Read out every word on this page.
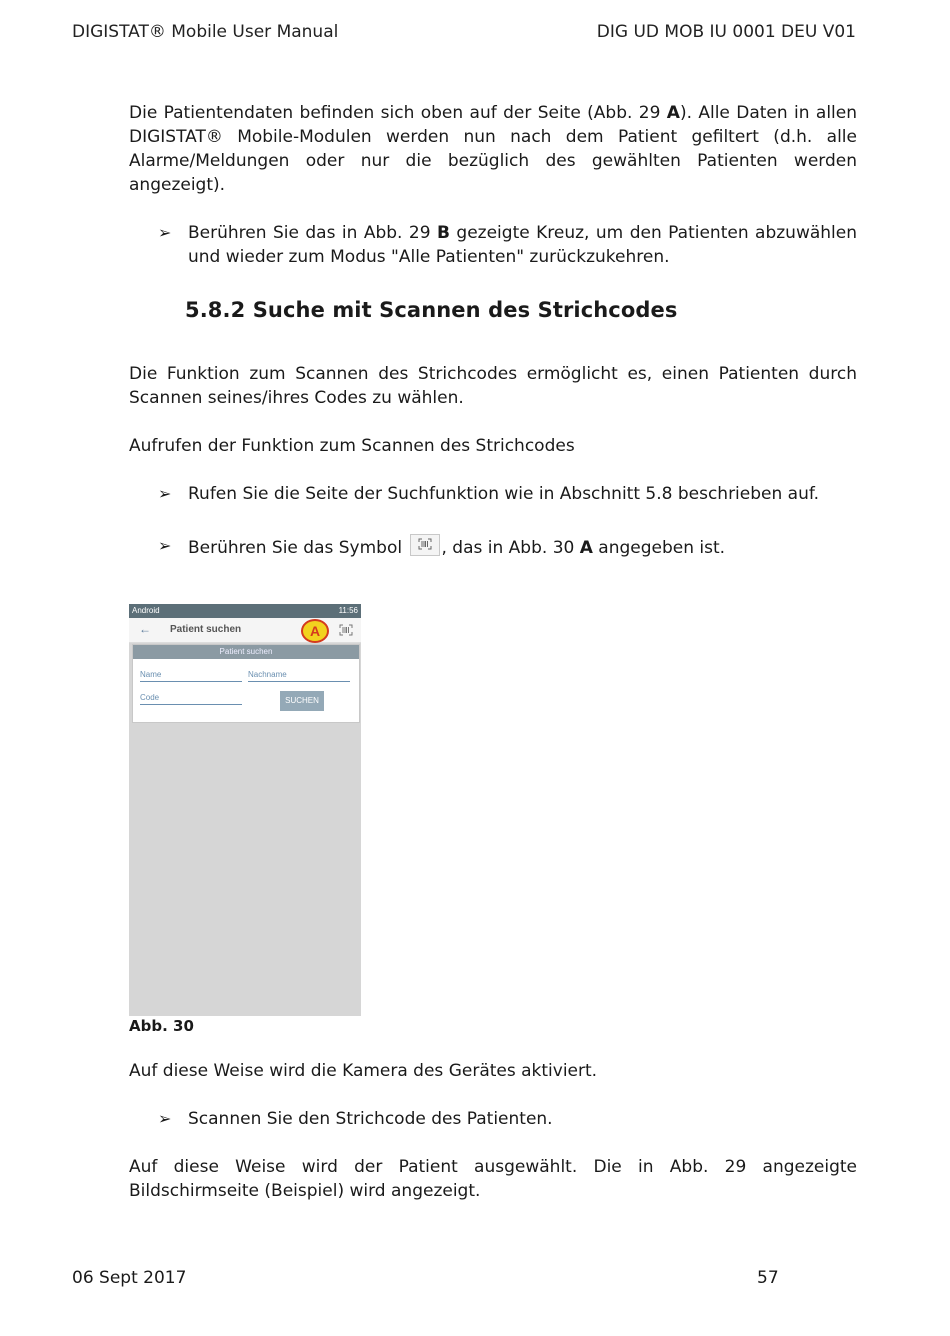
DIGISTAT® Mobile User Manual	DIG UD MOB IU 0001 DEU V01

Die Patientendaten befinden sich oben auf der Seite (Abb. 29 A). Alle Daten in allen DIGISTAT® Mobile-Modulen werden nun nach dem Patient gefiltert (d.h. alle Alarme/Meldungen oder nur die bezüglich des gewählten Patienten werden angezeigt).

➢ Berühren Sie das in Abb. 29 B gezeigte Kreuz, um den Patienten abzuwählen und wieder zum Modus "Alle Patienten" zurückzukehren.
5.8.2 Suche mit Scannen des Strichcodes

Die Funktion zum Scannen des Strichcodes ermöglicht es, einen Patienten durch Scannen seines/ihres Codes zu wählen.

Aufrufen der Funktion zum Scannen des Strichcodes

➢ Rufen Sie die Seite der Suchfunktion wie in Abschnitt 5.8 beschrieben auf.
➢ Berühren Sie das Symbol
, das in Abb. 30 A angegeben ist.
Android	11:56
← Patient suchen	A
Patient suchen
Name	Nachname
Code	SUCHEN
Abb. 30

Auf diese Weise wird die Kamera des Gerätes aktiviert.

➢ Scannen Sie den Strichcode des Patienten.

Auf diese Weise wird der Patient ausgewählt. Die in Abb. 29 angezeigte Bildschirmseite (Beispiel) wird angezeigt.

06 Sept 2017	57
